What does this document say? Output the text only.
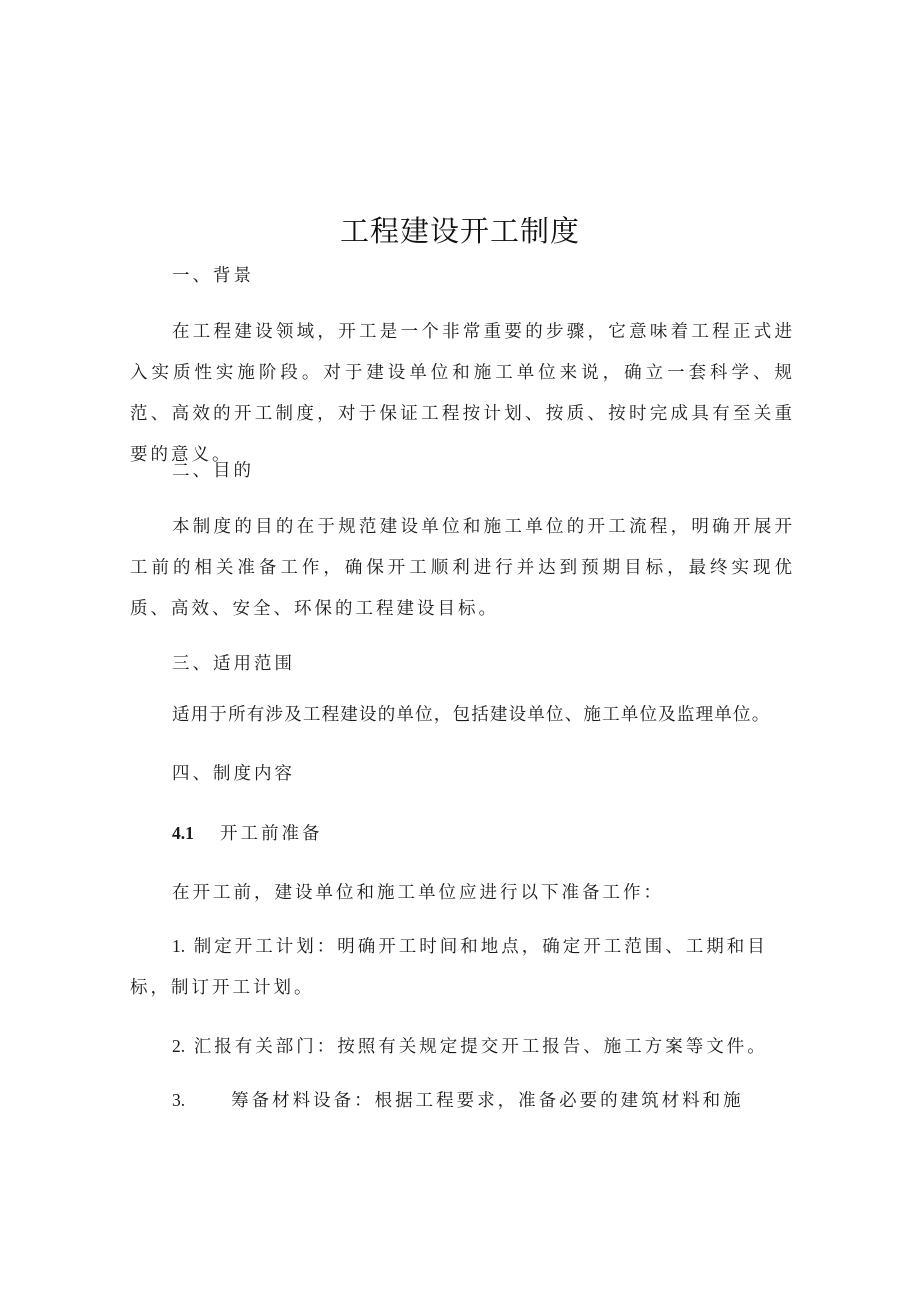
工程建设开工制度
一、背景
在工程建设领域，开工是一个非常重要的步骤，它意味着工程正式进入实质性实施阶段。对于建设单位和施工单位来说，确立一套科学、规范、高效的开工制度，对于保证工程按计划、按质、按时完成具有至关重要的意义。
二、目的
本制度的目的在于规范建设单位和施工单位的开工流程，明确开展开工前的相关准备工作，确保开工顺利进行并达到预期目标，最终实现优质、高效、安全、环保的工程建设目标。
三、适用范围
适用于所有涉及工程建设的单位，包括建设单位、施工单位及监理单位。
四、制度内容
4.1	开工前准备
在开工前，建设单位和施工单位应进行以下准备工作：
1. 制定开工计划：明确开工时间和地点，确定开工范围、工期和目标，制订开工计划。
2. 汇报有关部门：按照有关规定提交开工报告、施工方案等文件。
3.	筹备材料设备：根据工程要求，准备必要的建筑材料和施
